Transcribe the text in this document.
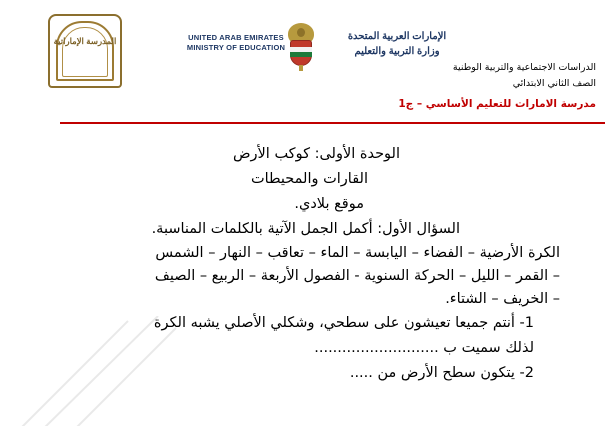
المدرسة الإماراتية	UNITED ARAB EMIRATES
MINISTRY OF EDUCATION
الإمارات العربية المتحدة
وزارة التربية والتعليم
الدراسات الاجتماعية والتربية الوطنية
الصف الثاني الابتدائي
مدرسة الامارات للتعليم الأساسي – ج1
الوحدة الأولى: كوكب الأرض
القارات والمحيطات
موقع بلادي.
السؤال الأول: أكمل الجمل الآتية بالكلمات المناسبة.
الكرة الأرضية – الفضاء – اليابسة – الماء – تعاقب – النهار – الشمس
– القمر – الليل – الحركة السنوية - الفصول الأربعة – الربيع – الصيف
– الخريف – الشتاء.
1- أنتم جميعا تعيشون على سطحي، وشكلي الأصلي يشبه الكرة
لذلك سميت ب ...........................
2- يتكون سطح الأرض من .....
